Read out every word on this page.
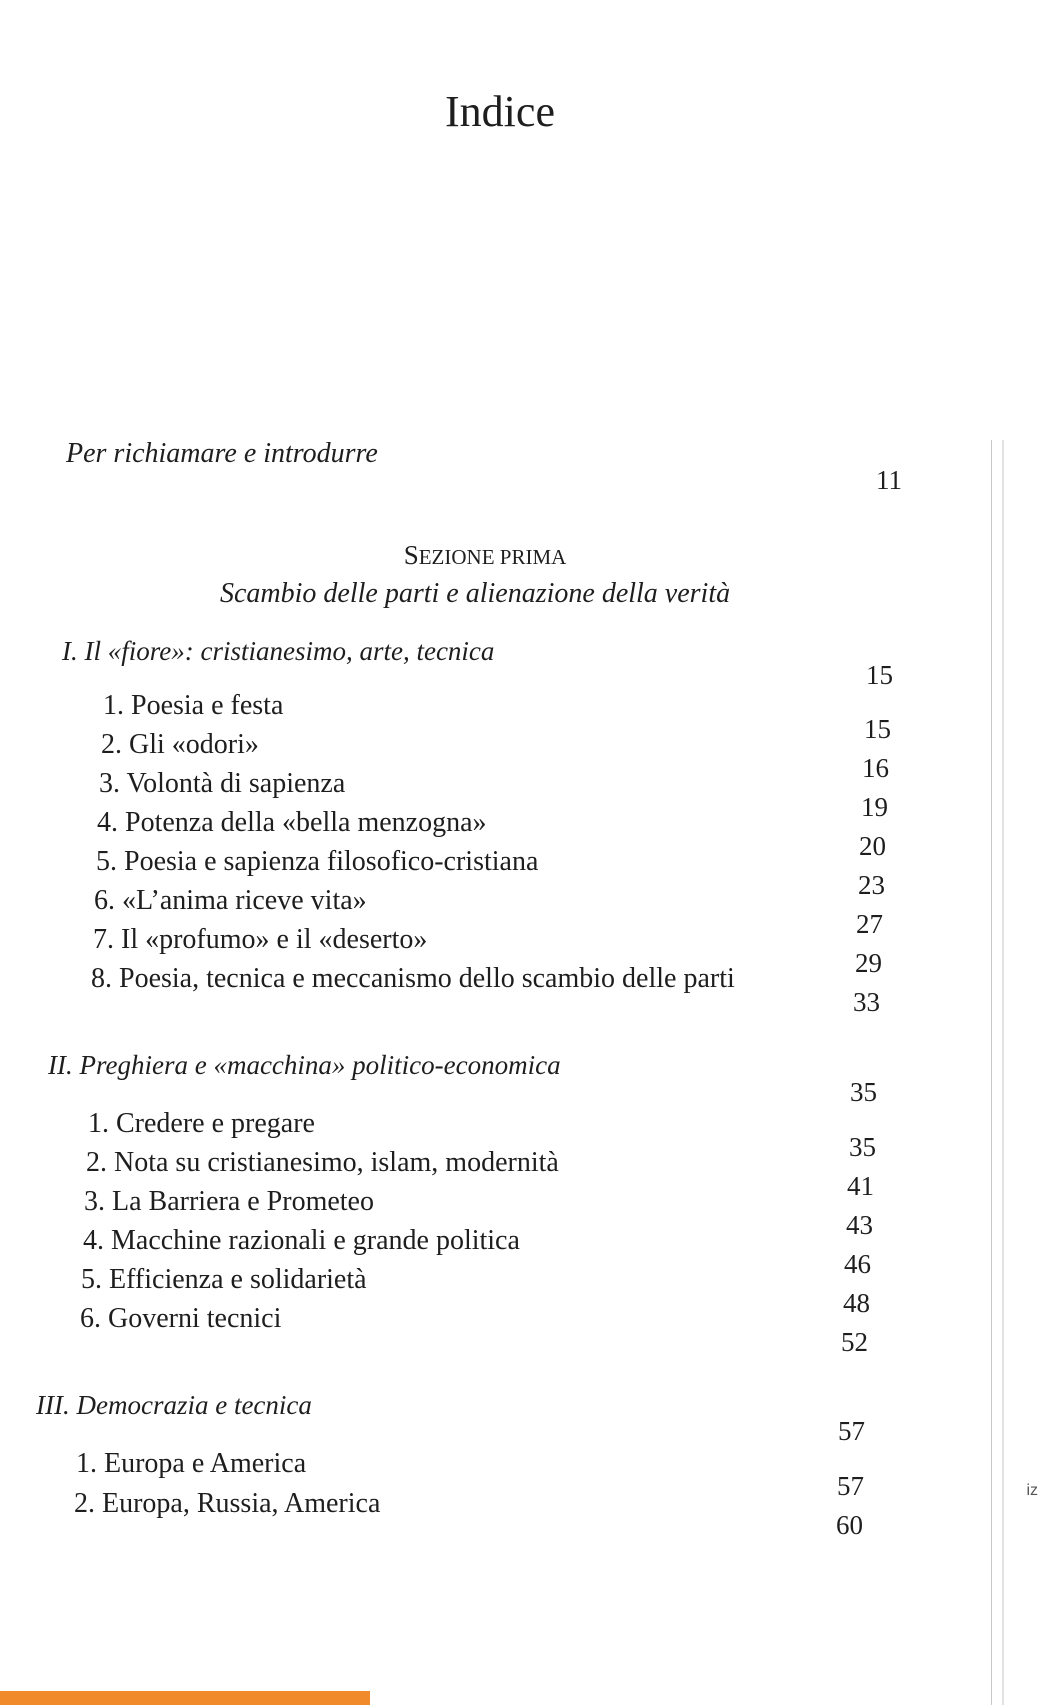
Indice
Per richiamare e introdurre
11
SEZIONE PRIMA
Scambio delle parti e alienazione della verità
I. Il «fiore»: cristianesimo, arte, tecnica
15
1. Poesia e festa
15
2. Gli «odori»
16
3. Volontà di sapienza
19
4. Potenza della «bella menzogna»
20
5. Poesia e sapienza filosofico-cristiana
23
6. «L’anima riceve vita»
27
7. Il «profumo» e il «deserto»
29
8. Poesia, tecnica e meccanismo dello scambio delle parti
33
II. Preghiera e «macchina» politico-economica
35
1. Credere e pregare
35
2. Nota su cristianesimo, islam, modernità
41
3. La Barriera e Prometeo
43
4. Macchine razionali e grande politica
46
5. Efficienza e solidarietà
48
6. Governi tecnici
52
III. Democrazia e tecnica
57
1. Europa e America
57
2. Europa, Russia, America
60
iz
